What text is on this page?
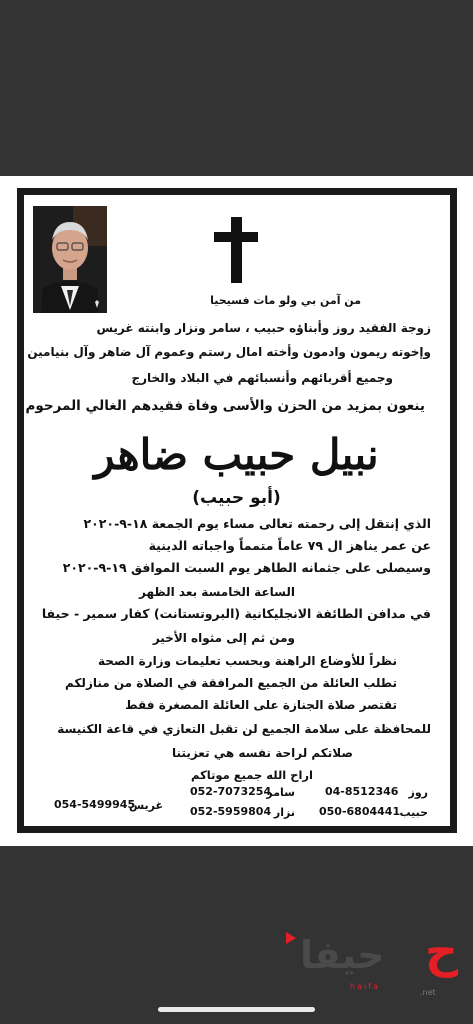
من آمن بي ولو مات فسيحيا
زوجة الفقيد روز وأبناؤه حبيب ، سامر ونزار وابنته غريس
وإخوته ريمون وادمون وأخته امال رستم وعموم آل ضاهر وآل بنيامين
وجميع أقربائهم وأنسبائهم في البلاد والخارج
ينعون بمزيد من الحزن والأسى وفاة فقيدهم الغالي المرحوم
نبيل حبيب ضاهر
(أبو حبيب)
الذي إنتقل إلى رحمته تعالى مساء يوم الجمعة ١٨-٩-٢٠٢٠
عن عمر يناهز ال ٧٩ عاماً متمماً واجباته الدينية
وسيصلى على جثمانه الطاهر يوم السبت الموافق ١٩-٩-٢٠٢٠
الساعة الخامسة بعد الظهر
في مدافن الطائفة الانجليكانية (البروتستانت) كفار سمير - حيفا
ومن ثم إلى مثواه الأخير
نظراً للأوضاع الراهنة وبحسب تعليمات وزارة الصحة
تطلب العائلة من الجميع المرافقة في الصلاة من منازلكم
تقتصر صلاة الجنازة على العائلة المصغرة فقط
للمحافظة على سلامة الجميع لن تقبل التعازي في قاعة الكنيسة
صلاتكم لراحة نفسه هي تعزيتنا
اراح الله جميع موتاكم
روز
04-8512346
حبيب
050-6804441
سامر
052-7073254
نزار
052-5959804
غريس
054-5499945
حيفا ح
haifa
.net
